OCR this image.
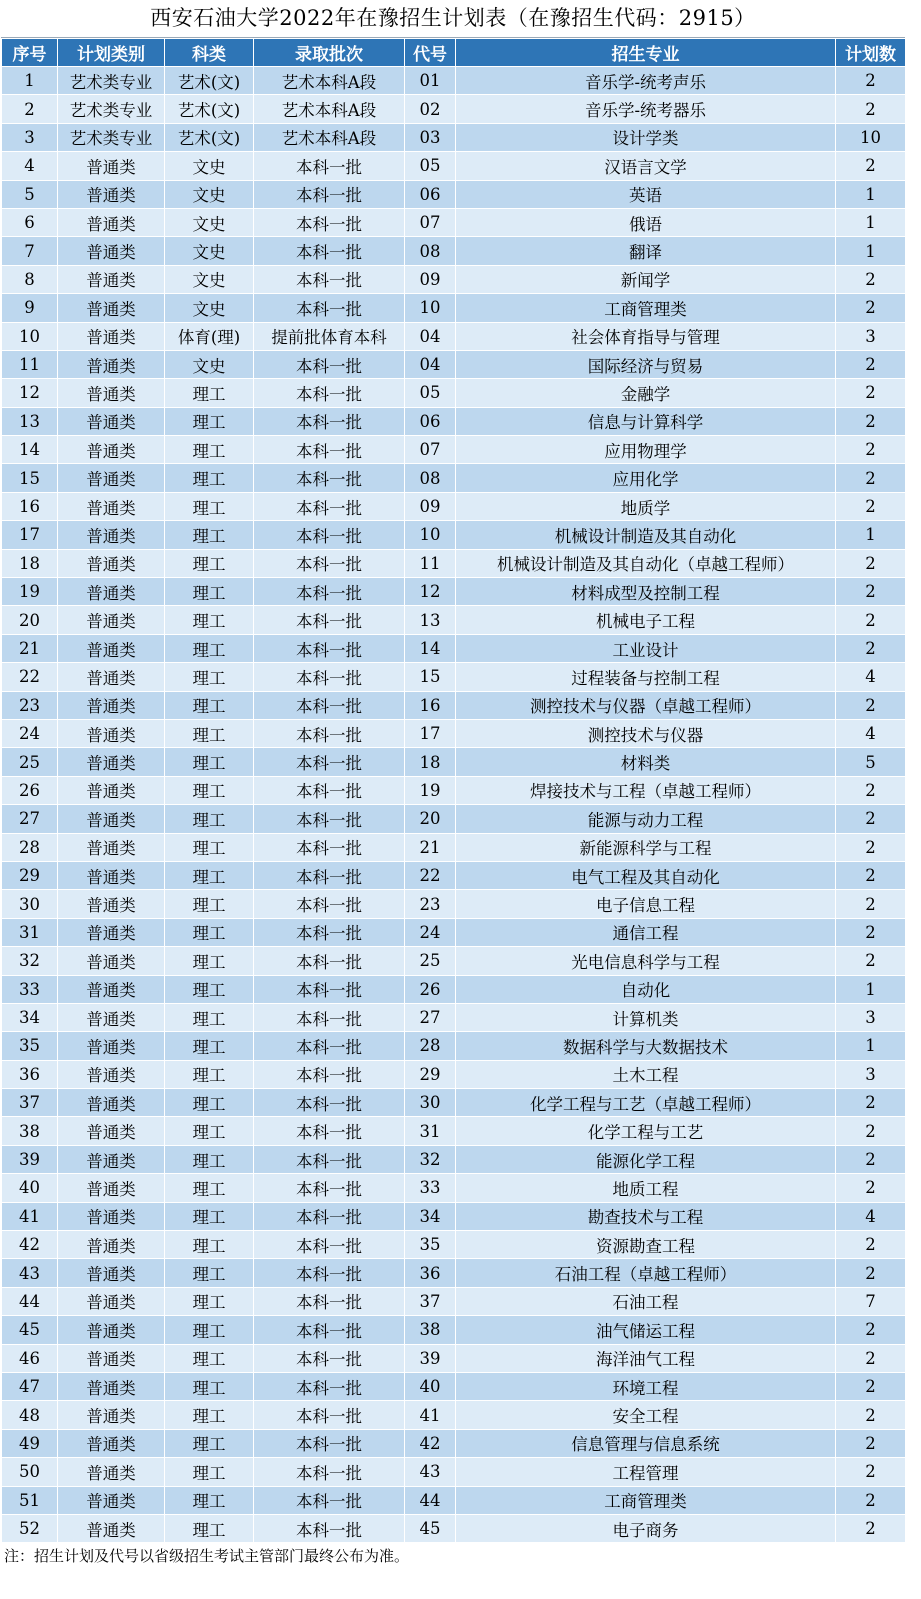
西安石油大学2022年在豫招生计划表（在豫招生代码：2915）
序号	计划类别	科类	录取批次	代号	招生专业	计划数
1	艺术类专业	艺术(文)	艺术本科A段	01	音乐学-统考声乐	2
2	艺术类专业	艺术(文)	艺术本科A段	02	音乐学-统考器乐	2
3	艺术类专业	艺术(文)	艺术本科A段	03	设计学类	10
4	普通类	文史	本科一批	05	汉语言文学	2
5	普通类	文史	本科一批	06	英语	1
6	普通类	文史	本科一批	07	俄语	1
7	普通类	文史	本科一批	08	翻译	1
8	普通类	文史	本科一批	09	新闻学	2
9	普通类	文史	本科一批	10	工商管理类	2
10	普通类	体育(理)	提前批体育本科	04	社会体育指导与管理	3
11	普通类	文史	本科一批	04	国际经济与贸易	2
12	普通类	理工	本科一批	05	金融学	2
13	普通类	理工	本科一批	06	信息与计算科学	2
14	普通类	理工	本科一批	07	应用物理学	2
15	普通类	理工	本科一批	08	应用化学	2
16	普通类	理工	本科一批	09	地质学	2
17	普通类	理工	本科一批	10	机械设计制造及其自动化	1
18	普通类	理工	本科一批	11	机械设计制造及其自动化（卓越工程师）	2
19	普通类	理工	本科一批	12	材料成型及控制工程	2
20	普通类	理工	本科一批	13	机械电子工程	2
21	普通类	理工	本科一批	14	工业设计	2
22	普通类	理工	本科一批	15	过程装备与控制工程	4
23	普通类	理工	本科一批	16	测控技术与仪器（卓越工程师）	2
24	普通类	理工	本科一批	17	测控技术与仪器	4
25	普通类	理工	本科一批	18	材料类	5
26	普通类	理工	本科一批	19	焊接技术与工程（卓越工程师）	2
27	普通类	理工	本科一批	20	能源与动力工程	2
28	普通类	理工	本科一批	21	新能源科学与工程	2
29	普通类	理工	本科一批	22	电气工程及其自动化	2
30	普通类	理工	本科一批	23	电子信息工程	2
31	普通类	理工	本科一批	24	通信工程	2
32	普通类	理工	本科一批	25	光电信息科学与工程	2
33	普通类	理工	本科一批	26	自动化	1
34	普通类	理工	本科一批	27	计算机类	3
35	普通类	理工	本科一批	28	数据科学与大数据技术	1
36	普通类	理工	本科一批	29	土木工程	3
37	普通类	理工	本科一批	30	化学工程与工艺（卓越工程师）	2
38	普通类	理工	本科一批	31	化学工程与工艺	2
39	普通类	理工	本科一批	32	能源化学工程	2
40	普通类	理工	本科一批	33	地质工程	2
41	普通类	理工	本科一批	34	勘查技术与工程	4
42	普通类	理工	本科一批	35	资源勘查工程	2
43	普通类	理工	本科一批	36	石油工程（卓越工程师）	2
44	普通类	理工	本科一批	37	石油工程	7
45	普通类	理工	本科一批	38	油气储运工程	2
46	普通类	理工	本科一批	39	海洋油气工程	2
47	普通类	理工	本科一批	40	环境工程	2
48	普通类	理工	本科一批	41	安全工程	2
49	普通类	理工	本科一批	42	信息管理与信息系统	2
50	普通类	理工	本科一批	43	工程管理	2
51	普通类	理工	本科一批	44	工商管理类	2
52	普通类	理工	本科一批	45	电子商务	2
注：招生计划及代号以省级招生考试主管部门最终公布为准。
